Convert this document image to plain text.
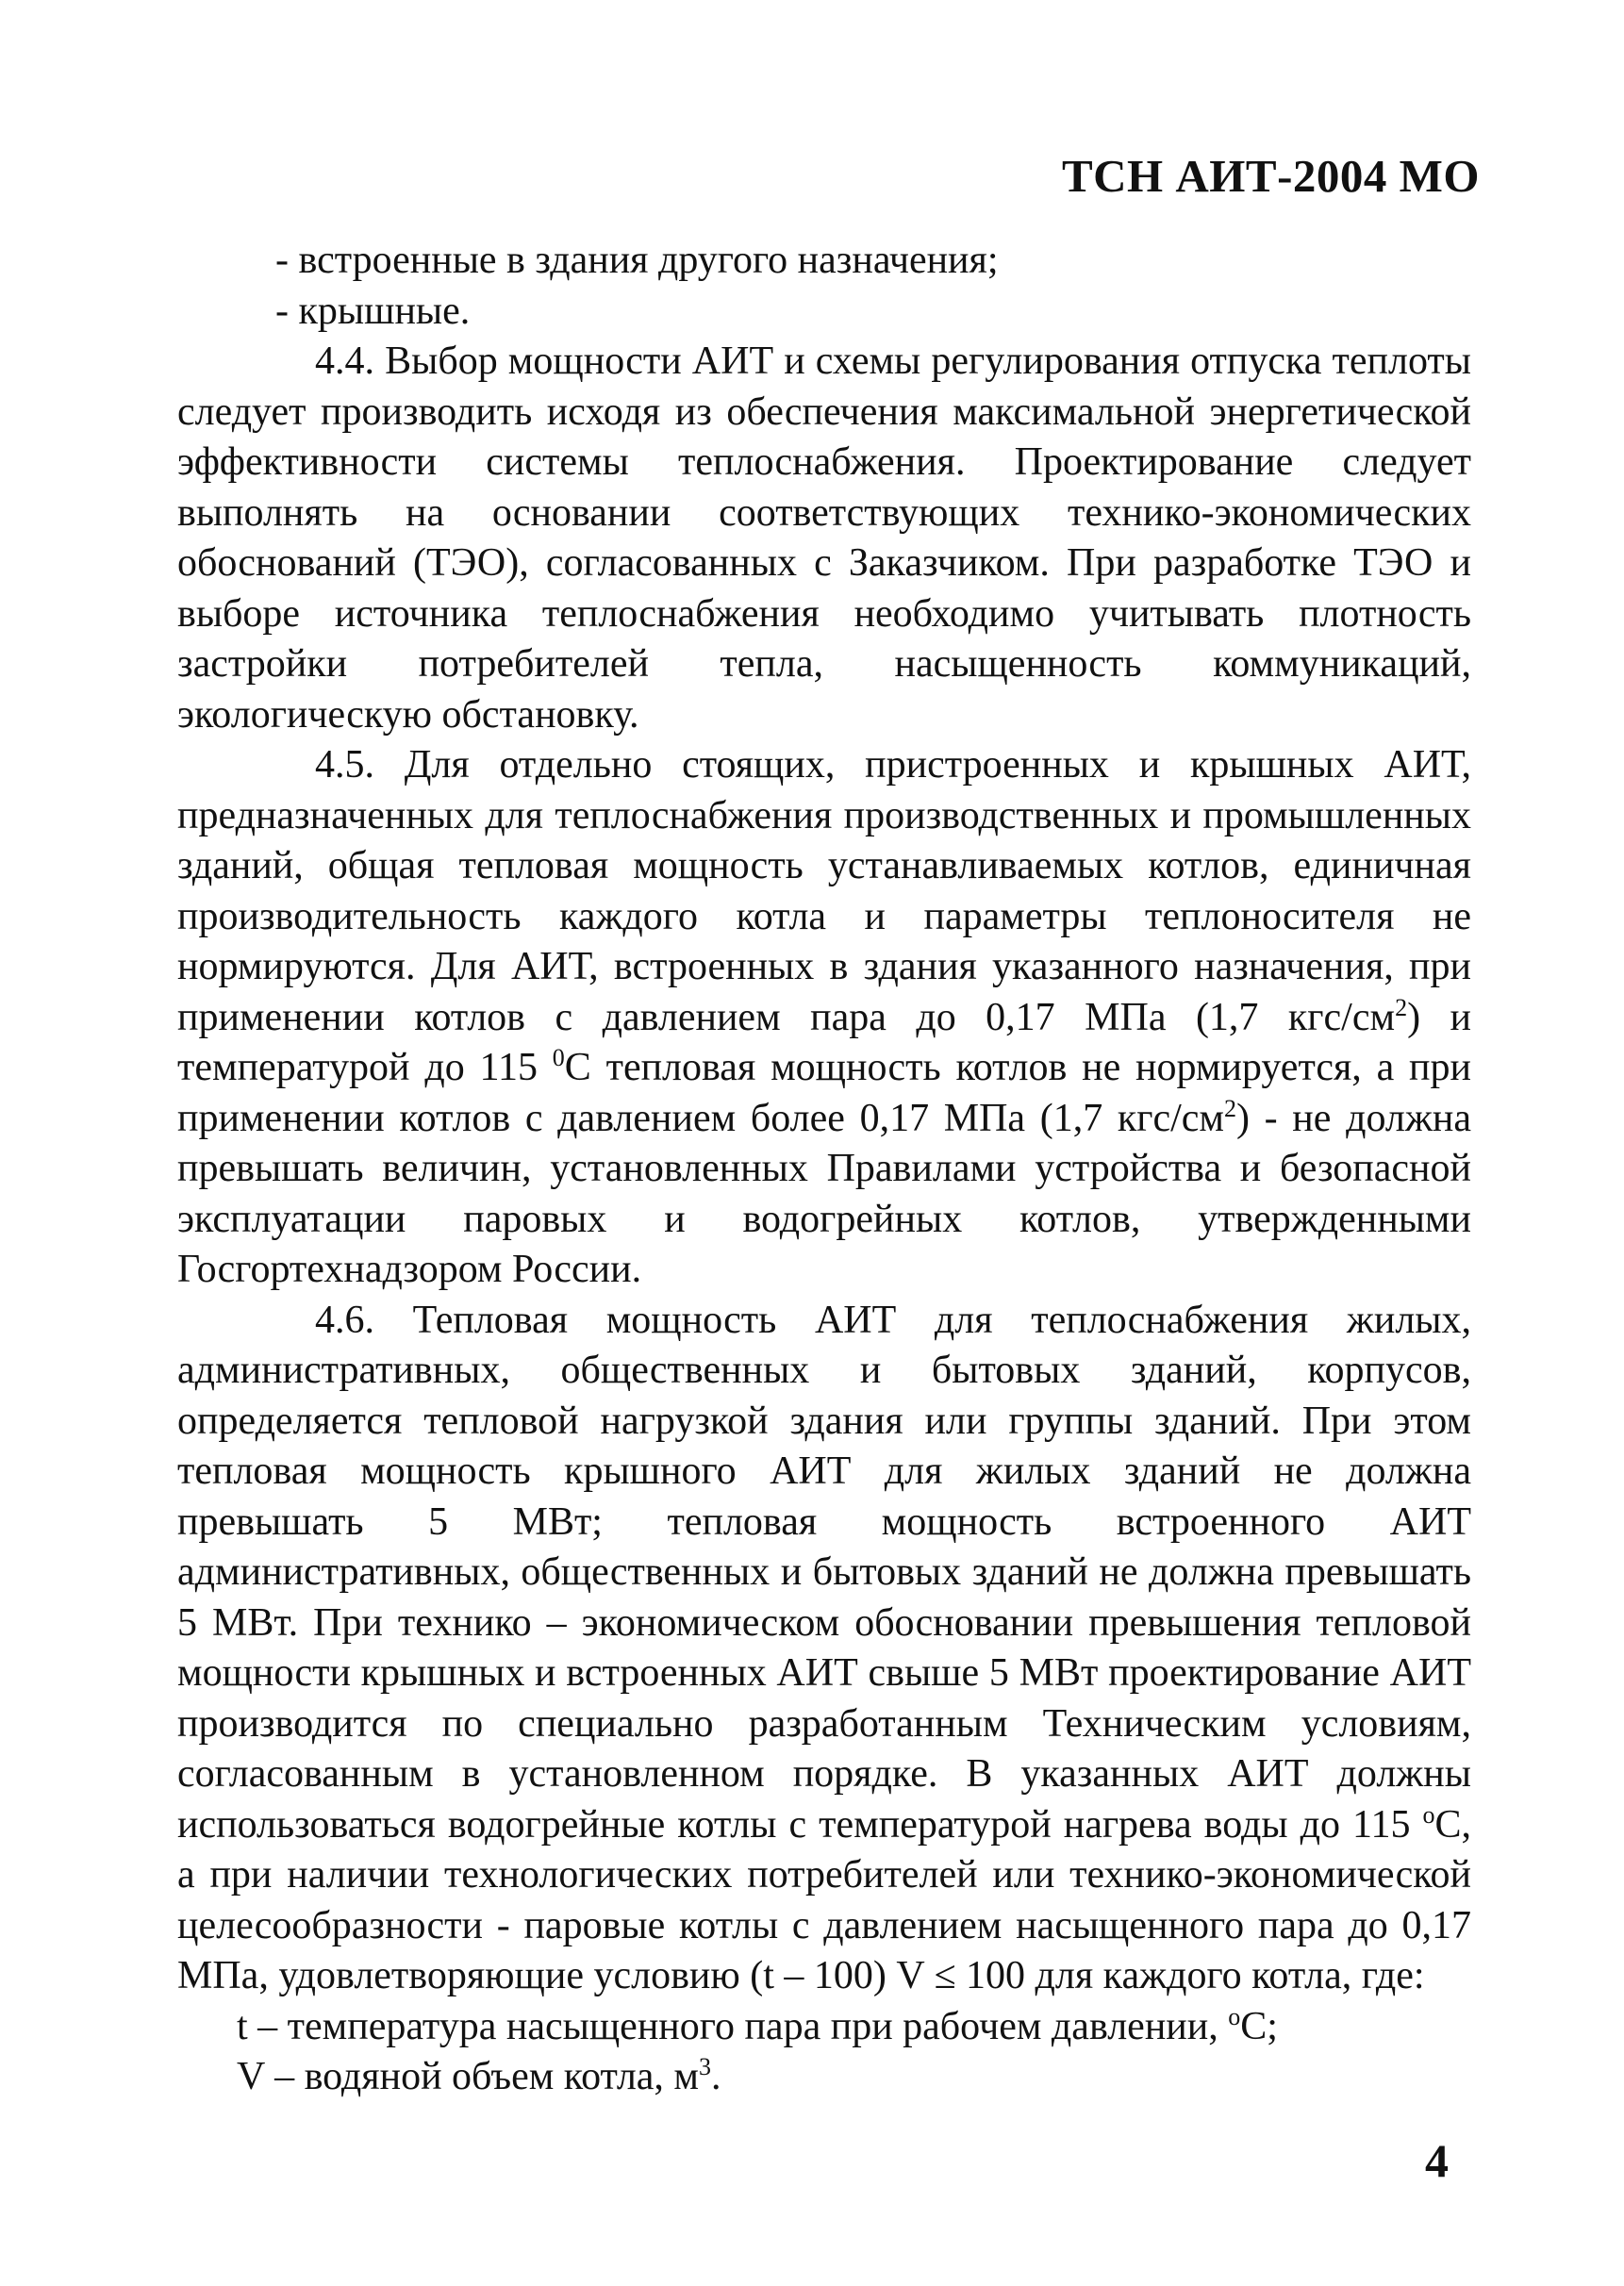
ТСН АИТ-2004 МО
- встроенные в здания другого назначения;
- крышные.

4.4. Выбор мощности АИТ и схемы регулирования отпуска теплоты следует производить исходя из обеспечения максимальной энергетической эффективности системы теплоснабжения. Проектирование следует выполнять на основании соответствующих технико-экономических обоснований (ТЭО), согласованных с Заказчиком. При разработке ТЭО и выборе источника теплоснабжения необходимо учитывать плотность застройки потребителей тепла, насыщенность коммуникаций, экологическую обстановку.

4.5. Для отдельно стоящих, пристроенных и крышных АИТ, предназначенных для теплоснабжения производственных и промышленных зданий, общая тепловая мощность устанавливаемых котлов, единичная производительность каждого котла и параметры теплоносителя не нормируются. Для АИТ, встроенных в здания указанного назначения, при применении котлов с давлением пара до 0,17 МПа (1,7 кгс/$см^2$) и температурой до 115 $^0$С тепловая мощность котлов не нормируется, а при применении котлов с давлением более 0,17 МПа (1,7 кгс/$см^2$) - не должна превышать величин, установленных Правилами устройства и безопасной эксплуатации паровых и водогрейных котлов, утвержденными Госгортехнадзором России.

4.6. Тепловая мощность АИТ для теплоснабжения жилых, административных, общественных и бытовых зданий, корпусов, определяется тепловой нагрузкой здания или группы зданий. При этом тепловая мощность крышного АИТ для жилых зданий не должна превышать 5 МВт; тепловая мощность встроенного АИТ административных, общественных и бытовых зданий не должна превышать 5 МВт. При технико – экономическом обосновании превышения тепловой мощности крышных и встроенных АИТ свыше 5 МВт проектирование АИТ производится по специально разработанным Техническим условиям, согласованным в установленном порядке. В указанных АИТ должны использоваться водогрейные котлы с температурой нагрева воды до 115 $^о$С, а при наличии технологических потребителей или технико-экономической целесообразности - паровые котлы с давлением насыщенного пара до 0,17 МПа, удовлетворяющие условию (t – 100) V ≤ 100 для каждого котла, где:

t – температура насыщенного пара при рабочем давлении, $^о$С;

V – водяной объем котла, $м^3$.

4
